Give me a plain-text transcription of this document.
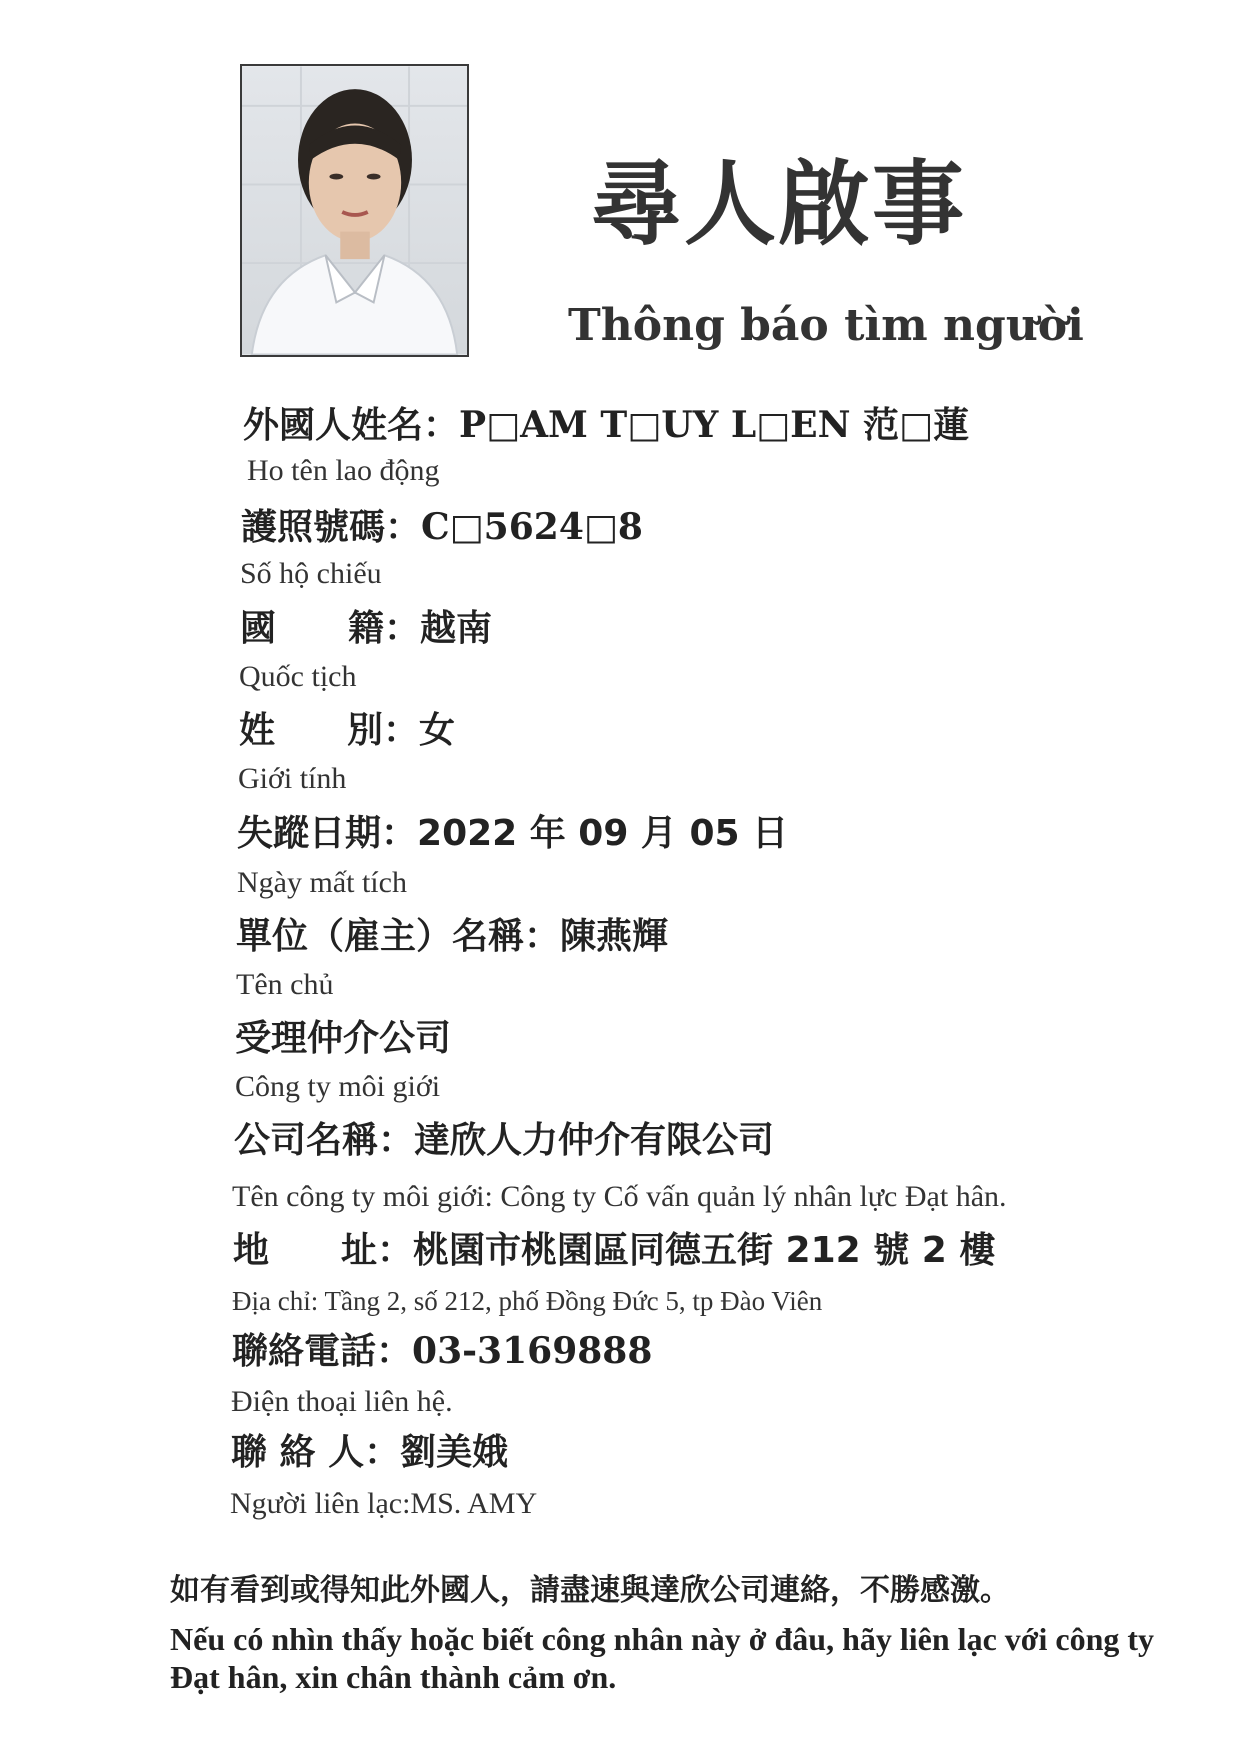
尋人啟事
Thông báo tìm người
外國人姓名：P□AM T□UY L□EN 范□蓮
Ho tên lao động
護照號碼：C□5624□8
Số hộ chiếu
國　　籍：越南
Quốc tịch
姓　　別：女
Giới tính
失蹤日期：2022 年 09 月 05 日
Ngày mất tích
單位（雇主）名稱：陳燕輝
Tên chủ
受理仲介公司
Công ty môi giới
公司名稱：達欣人力仲介有限公司
Tên công ty môi giới: Công ty Cố vấn quản lý nhân lực Đạt hân.
地　　址：桃園市桃園區同德五街 212 號 2 樓
Địa chỉ: Tầng 2, số 212, phố Đồng Đức 5, tp Đào Viên
聯絡電話：03-3169888
Điện thoại liên hệ.
聯 絡 人：劉美娥
Người liên lạc:MS. AMY
如有看到或得知此外國人，請盡速與達欣公司連絡，不勝感激。
Nếu có nhìn thấy hoặc biết công nhân này ở đâu, hãy liên lạc với công ty Đạt hân, xin chân thành cảm ơn.
